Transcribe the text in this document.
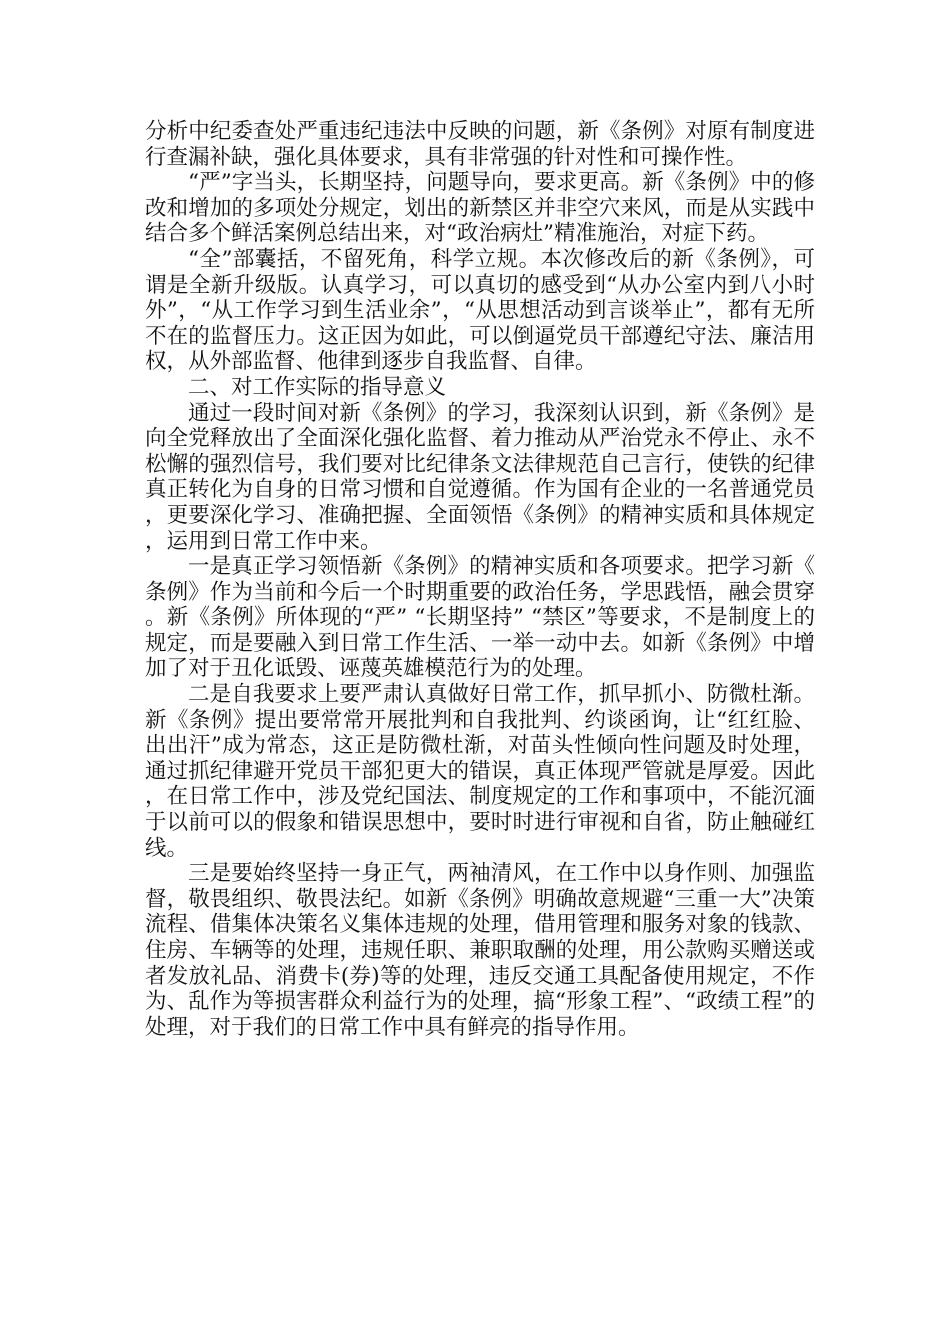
分析中纪委查处严重违纪违法中反映的问题，新《条例》对原有制度进行查漏补缺，强化具体要求，具有非常强的针对性和可操作性。

“严”字当头，长期坚持，问题导向，要求更高。新《条例》中的修改和增加的多项处分规定，划出的新禁区并非空穴来风，而是从实践中结合多个鲜活案例总结出来，对“政治病灶”精准施治，对症下药。

“全”部囊括，不留死角，科学立规。本次修改后的新《条例》，可谓是全新升级版。认真学习，可以真切的感受到“从办公室内到八小时外”，“从工作学习到生活业余”，“从思想活动到言谈举止”，都有无所不在的监督压力。这正因为如此，可以倒逼党员干部遵纪守法、廉洁用权，从外部监督、他律到逐步自我监督、自律。

二、对工作实际的指导意义

通过一段时间对新《条例》的学习，我深刻认识到，新《条例》是向全党释放出了全面深化强化监督、着力推动从严治党永不停止、永不松懈的强烈信号，我们要对比纪律条文法律规范自己言行，使铁的纪律真正转化为自身的日常习惯和自觉遵循。作为国有企业的一名普通党员，更要深化学习、准确把握、全面领悟《条例》的精神实质和具体规定，运用到日常工作中来。

一是真正学习领悟新《条例》的精神实质和各项要求。把学习新《条例》作为当前和今后一个时期重要的政治任务，学思践悟，融会贯穿。新《条例》所体现的“严” “长期坚持” “禁区”等要求，不是制度上的规定，而是要融入到日常工作生活、一举一动中去。如新《条例》中增加了对于丑化诋毁、诬蔑英雄模范行为的处理。

二是自我要求上要严肃认真做好日常工作，抓早抓小、防微杜渐。新《条例》提出要常常开展批判和自我批判、约谈函询，让“红红脸、出出汗”成为常态，这正是防微杜渐，对苗头性倾向性问题及时处理，通过抓纪律避开党员干部犯更大的错误，真正体现严管就是厚爱。因此，在日常工作中，涉及党纪国法、制度规定的工作和事项中，不能沉湎于以前可以的假象和错误思想中，要时时进行审视和自省，防止触碰红线。

三是要始终坚持一身正气，两袖清风，在工作中以身作则、加强监督，敬畏组织、敬畏法纪。如新《条例》明确故意规避“三重一大”决策流程、借集体决策名义集体违规的处理，借用管理和服务对象的钱款、住房、车辆等的处理，违规任职、兼职取酬的处理，用公款购买赠送或者发放礼品、消费卡(券)等的处理，违反交通工具配备使用规定，不作为、乱作为等损害群众利益行为的处理，搞“形象工程”、“政绩工程”的处理，对于我们的日常工作中具有鲜亮的指导作用。
